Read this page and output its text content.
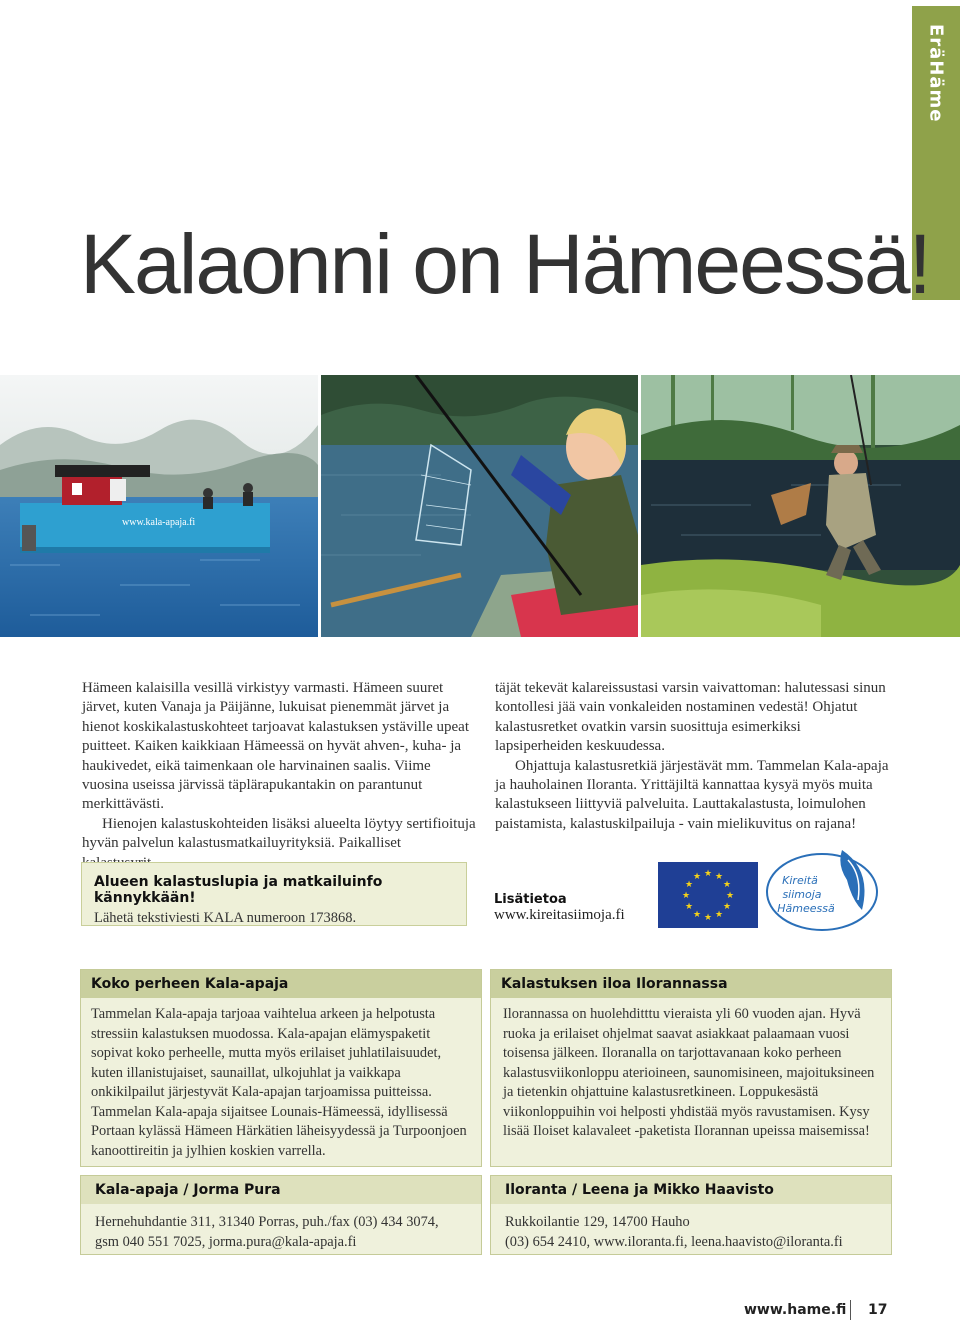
EräHäme
Kalaonni on Hämeessä!
www.kala-apaja.fi

Hämeen kalaisilla vesillä virkistyy varmasti. Hämeen suuret järvet, kuten Vanaja ja Päijänne, lukuisat pienemmät järvet ja hienot koskikalastuskohteet tarjoavat kalastuksen ystäville upeat puitteet. Kaiken kaikkiaan Hämeessä on hyvät ahven-, kuha- ja haukivedet, eikä taimenkaan ole harvinainen saalis. Viime vuosina useissa järvissä täplärapukantakin on parantunut merkittävästi.

Hienojen kalastuskohteiden lisäksi alueelta löytyy sertifioituja hyvän palvelun kalastusmatkailuyrityksiä. Paikalliset

täjät tekevät kalareissustasi varsin vaivattoman: halutessasi sinun kontollesi jää vain vonkaleiden nostaminen vedestä! Ohjatut kalastusretket ovatkin varsin suosittuja esimerkiksi lapsiperheiden keskuudessa.

Ohjattuja kalastusretkiä järjestävät mm. Tammelan Kala-apaja ja hauholainen Iloranta. Yrittäjiltä kannattaa kysyä myös muita kalastukseen liittyviä palveluita. Lauttakalastusta, loimulohen paistamista, kalastuskilpailuja - vain mielikuvitus on rajana!

Alueen kalastuslupia ja matkailuinfo kännykkään!
Lähetä tekstiviesti KALA numeroon 173868.
Lisätietoa
www.kireitasiimoja.fi
★ ★
★
★
★
★
★
★
★
★
★
★	Kireitä
siimoja
Hämeessä
Koko perheen Kala-apaja
Tammelan Kala-apaja tarjoaa vaihtelua arkeen ja helpotusta stressiin kalastuksen muodossa. Kala-apajan elämyspaketit sopivat koko perheelle, mutta myös erilaiset juhlatilaisuudet, kuten illanistujaiset, saunaillat, ulkojuhlat ja vaikkapa onkikilpailut järjestyvät Kala-apajan tarjoamissa puitteissa. Tammelan Kala-apaja sijaitsee Lounais-Hämeessä, idyllisessä Portaan kylässä Hämeen Härkätien läheisyydessä ja Turpoonjoen kanoottireitin ja jylhien koskien varrella.
Kalastuksen iloa Ilorannassa
Ilorannassa on huolehditttu vieraista yli 60 vuoden ajan. Hyvä ruoka ja erilaiset ohjelmat saavat asiakkaat palaamaan vuosi toisensa jälkeen. Iloranalla on tarjottavanaan koko perheen kalastusviikonloppu aterioineen, saunomisineen, majoituksineen ja tietenkin ohjattuine kalastusretkineen. Loppukesästä viikonloppuihin voi helposti yhdistää myös ravustamisen. Kysy lisää Iloiset kalavaleet -paketista Ilorannan upeissa maisemissa!
Kala-apaja / Jorma Pura
Hernehuhdantie 311, 31340 Porras, puh./fax (03) 434 3074,
gsm 040 551 7025, jorma.pura@kala-apaja.fi
Iloranta / Leena ja Mikko Haavisto
Rukkoilantie 129, 14700 Hauho
(03) 654 2410, www.iloranta.fi, leena.haavisto@iloranta.fi
www.hame.fi 17
